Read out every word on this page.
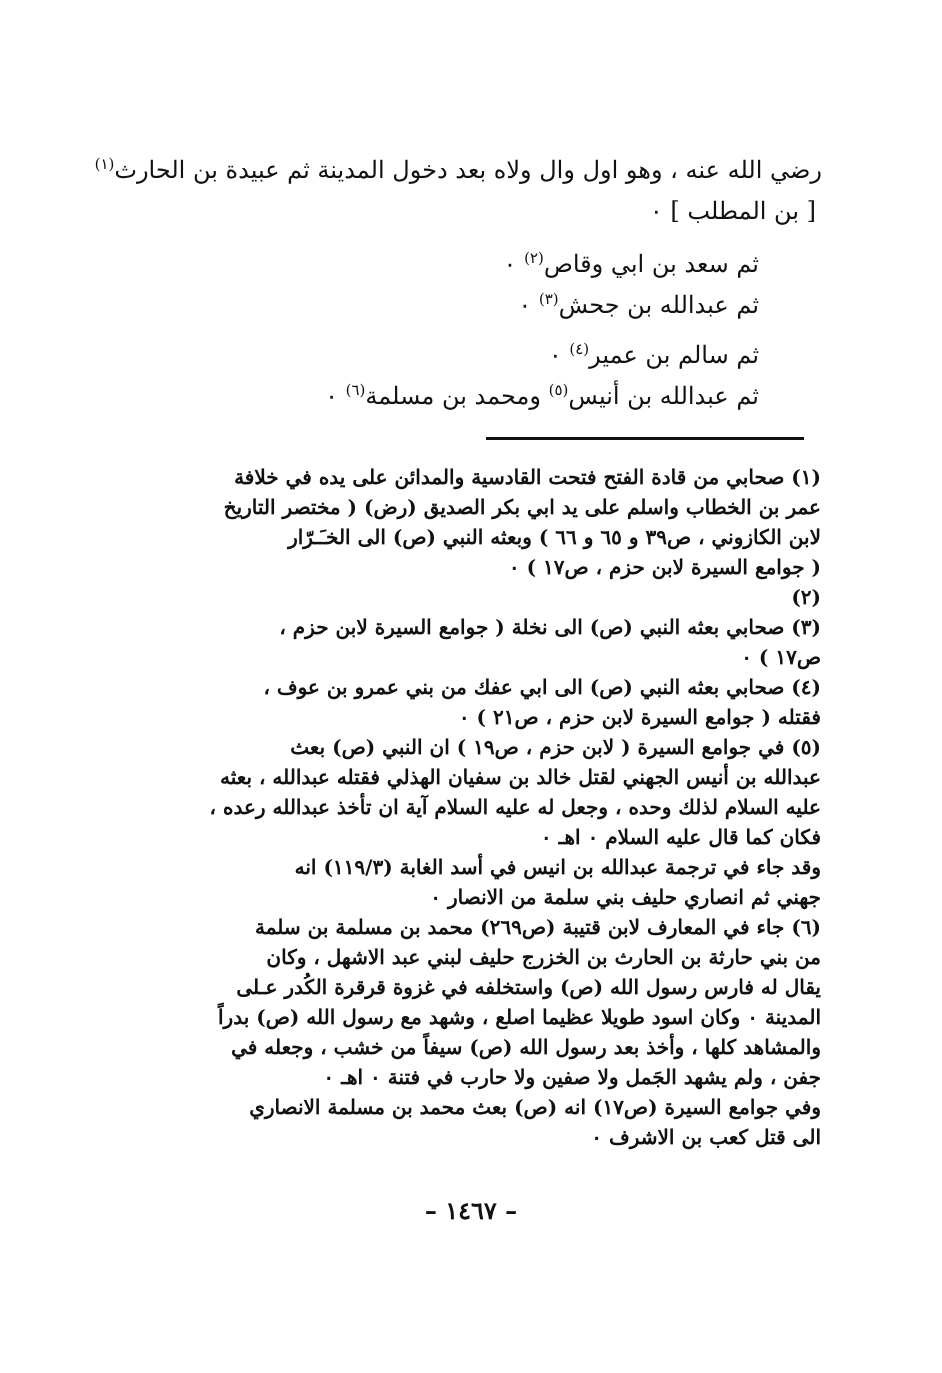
رضي الله عنه ، وهو اول وال ولاه بعد دخول المدينة ثم عبيدة بن الحارث$^{(١)}$
[ بن المطلب ] ٠
ثم سعد بن ابي وقاص$^{(٢)}$ ٠
ثم عبدالله بن جحش$^{(٣)}$ ٠
ثم سالم بن عمير$^{(٤)}$ ٠
ثم عبدالله بن أنيس$^{(٥)}$ ومحمد بن مسلمة$^{(٦)}$ ٠
(١) صحابي من قادة الفتح فتحت القادسية والمدائن على يده في خلافة
عمر بن الخطاب واسلم على يد ابي بكر الصديق (رض) ( مختصر التاريخ
لابن الكازوني ، ص٣٩ و ٦٥ و ٦٦ ) وبعثه النبي (ص) الى الخـَـرّار
( جوامع السيرة لابن حزم ، ص١٧ ) ٠
(٢)
(٣) صحابي بعثه النبي (ص) الى نخلة ( جوامع السيرة لابن حزم ،
ص١٧ ) ٠
(٤) صحابي بعثه النبي (ص) الى ابي عفك من بني عمرو بن عوف ،
فقتله ( جوامع السيرة لابن حزم ، ص٢١ ) ٠
(٥) في جوامع السيرة ( لابن حزم ، ص١٩ ) ان النبي (ص) بعث
عبدالله بن أنيس الجهني لقتل خالد بن سفيان الهذلي فقتله عبدالله ، بعثه
عليه السلام لذلك وحده ، وجعل له عليه السلام آية ان تأخذ عبدالله رعده ،
فكان كما قال عليه السلام ٠ اهـ ٠
وقد جاء في ترجمة عبدالله بن انيس في أسد الغابة (١١٩/٣) انه
جهني ثم انصاري حليف بني سلمة من الانصار ٠
(٦) جاء في المعارف لابن قتيبة (ص٢٦٩) محمد بن مسلمة بن سلمة
من بني حارثة بن الحارث بن الخزرج حليف لبني عبد الاشهل ، وكان
يقال له فارس رسول الله (ص) واستخلفه في غزوة قرقرة الكُدر عـلى
المدينة ٠ وكان اسود طويلا عظيما اصلع ، وشهد مع رسول الله (ص) بدراً
والمشاهد كلها ، وأخذ بعد رسول الله (ص) سيفاً من خشب ، وجعله في
جفن ، ولم يشهد الجَمل ولا صفين ولا حارب في فتنة ٠ اهـ ٠
وفي جوامع السيرة (ص١٧) انه (ص) بعث محمد بن مسلمة الانصاري
الى قتل كعب بن الاشرف ٠
– ١٤٦٧ –
